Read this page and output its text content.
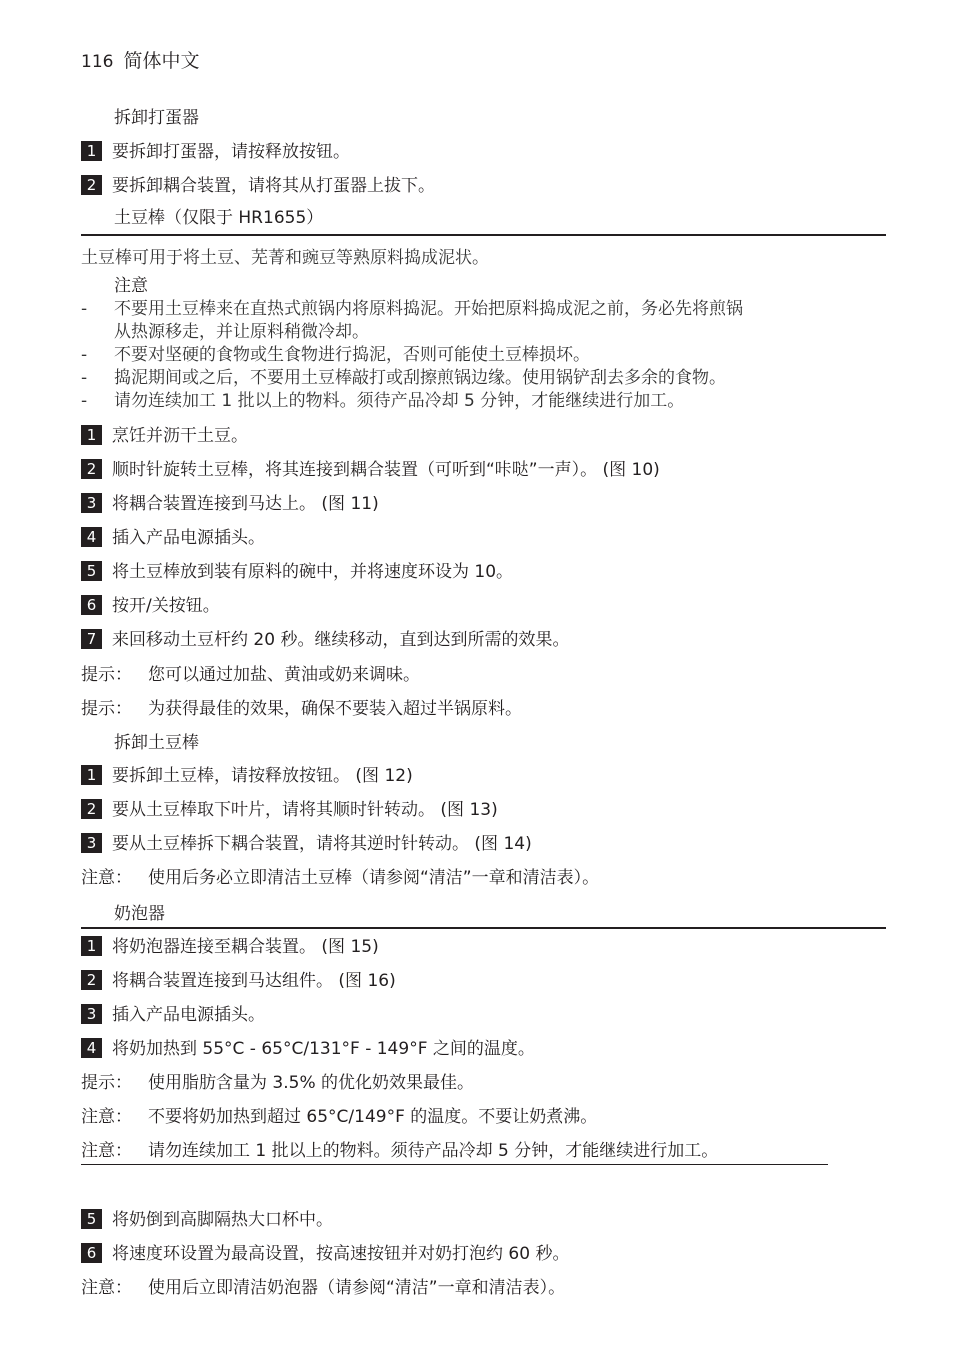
116 简体中文
拆卸打蛋器
1 要拆卸打蛋器，请按释放按钮。
2 要拆卸耦合装置，请将其从打蛋器上拔下。
土豆棒（仅限于 HR1655）
土豆棒可用于将土豆、芜菁和豌豆等熟原料捣成泥状。
注意
- 不要用土豆棒来在直热式煎锅内将原料捣泥。开始把原料捣成泥之前，务必先将煎锅
从热源移走，并让原料稍微冷却。
- 不要对坚硬的食物或生食物进行捣泥，否则可能使土豆棒损坏。
- 捣泥期间或之后，不要用土豆棒敲打或刮擦煎锅边缘。使用锅铲刮去多余的食物。
- 请勿连续加工 1 批以上的物料。须待产品冷却 5 分钟，才能继续进行加工。
1 烹饪并沥干土豆。
2 顺时针旋转土豆棒，将其连接到耦合装置（可听到“咔哒”一声）。 (图 10)
3 将耦合装置连接到马达上。 (图 11)
4 插入产品电源插头。
5 将土豆棒放到装有原料的碗中，并将速度环设为 10。
6 按开/关按钮。
7 来回移动土豆杆约 20 秒。继续移动，直到达到所需的效果。
提示： 您可以通过加盐、黄油或奶来调味。
提示： 为获得最佳的效果，确保不要装入超过半锅原料。
拆卸土豆棒
1 要拆卸土豆棒，请按释放按钮。 (图 12)
2 要从土豆棒取下叶片，请将其顺时针转动。 (图 13)
3 要从土豆棒拆下耦合装置，请将其逆时针转动。 (图 14)
注意： 使用后务必立即清洁土豆棒（请参阅“清洁”一章和清洁表）。
奶泡器
1 将奶泡器连接至耦合装置。 (图 15)
2 将耦合装置连接到马达组件。 (图 16)
3 插入产品电源插头。
4 将奶加热到 55°C - 65°C/131°F - 149°F 之间的温度。
提示： 使用脂肪含量为 3.5% 的优化奶效果最佳。
注意： 不要将奶加热到超过 65°C/149°F 的温度。不要让奶煮沸。
注意： 请勿连续加工 1 批以上的物料。须待产品冷却 5 分钟，才能继续进行加工。
5 将奶倒到高脚隔热大口杯中。
6 将速度环设置为最高设置，按高速按钮并对奶打泡约 60 秒。
注意： 使用后立即清洁奶泡器（请参阅“清洁”一章和清洁表）。
